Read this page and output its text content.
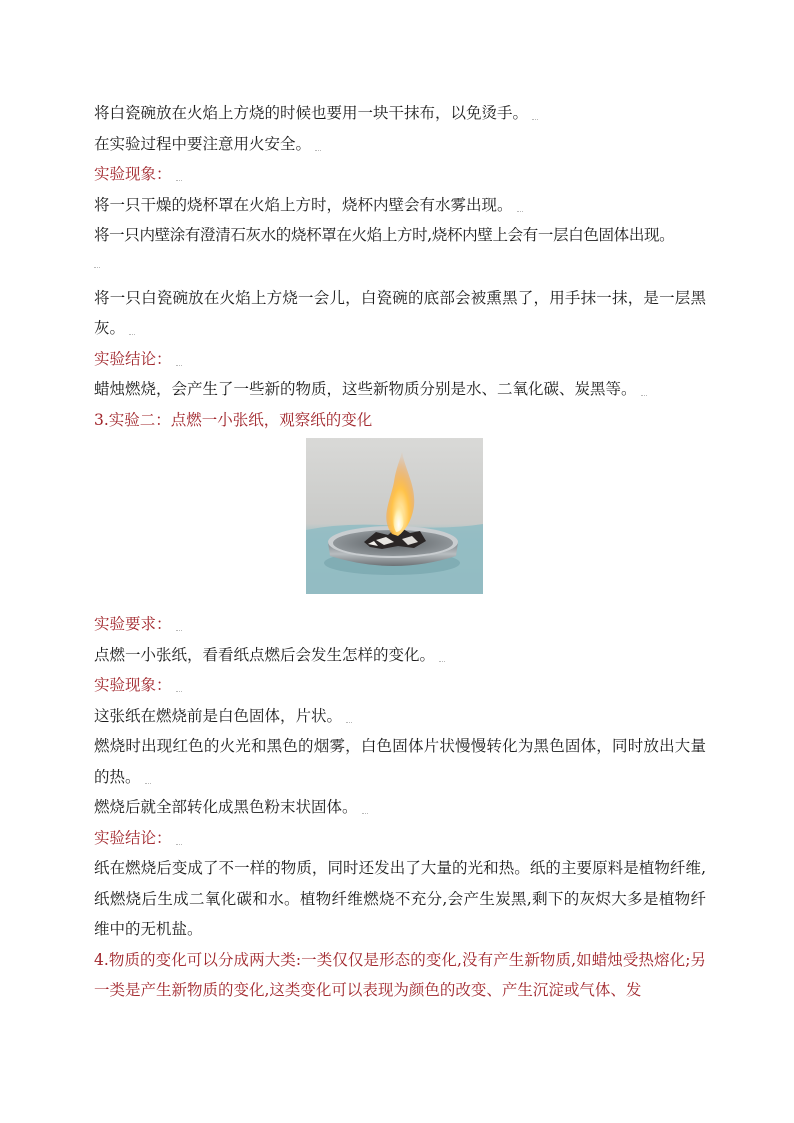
将白瓷碗放在火焰上方烧的时候也要用一块干抹布，以免烫手。
在实验过程中要注意用火安全。
实验现象：
将一只干燥的烧杯罩在火焰上方时，烧杯内壁会有水雾出现。
将一只内壁涂有澄清石灰水的烧杯罩在火焰上方时,烧杯内壁上会有一层白色固体出现。
将一只白瓷碗放在火焰上方烧一会儿，白瓷碗的底部会被熏黑了，用手抹一抹，是一层黑灰。
实验结论：
蜡烛燃烧，会产生了一些新的物质，这些新物质分别是水、二氧化碳、炭黑等。
3.实验二：点燃一小张纸，观察纸的变化
实验要求：
点燃一小张纸，看看纸点燃后会发生怎样的变化。
实验现象：
这张纸在燃烧前是白色固体，片状。
燃烧时出现红色的火光和黑色的烟雾，白色固体片状慢慢转化为黑色固体，同时放出大量的热。
燃烧后就全部转化成黑色粉末状固体。
实验结论：
纸在燃烧后变成了不一样的物质，同时还发出了大量的光和热。纸的主要原料是植物纤维,纸燃烧后生成二氧化碳和水。植物纤维燃烧不充分,会产生炭黑,剩下的灰烬大多是植物纤维中的无机盐。
4.物质的变化可以分成两大类:一类仅仅是形态的变化,没有产生新物质,如蜡烛受热熔化;另一类是产生新物质的变化,这类变化可以表现为颜色的改变、产生沉淀或气体、发
